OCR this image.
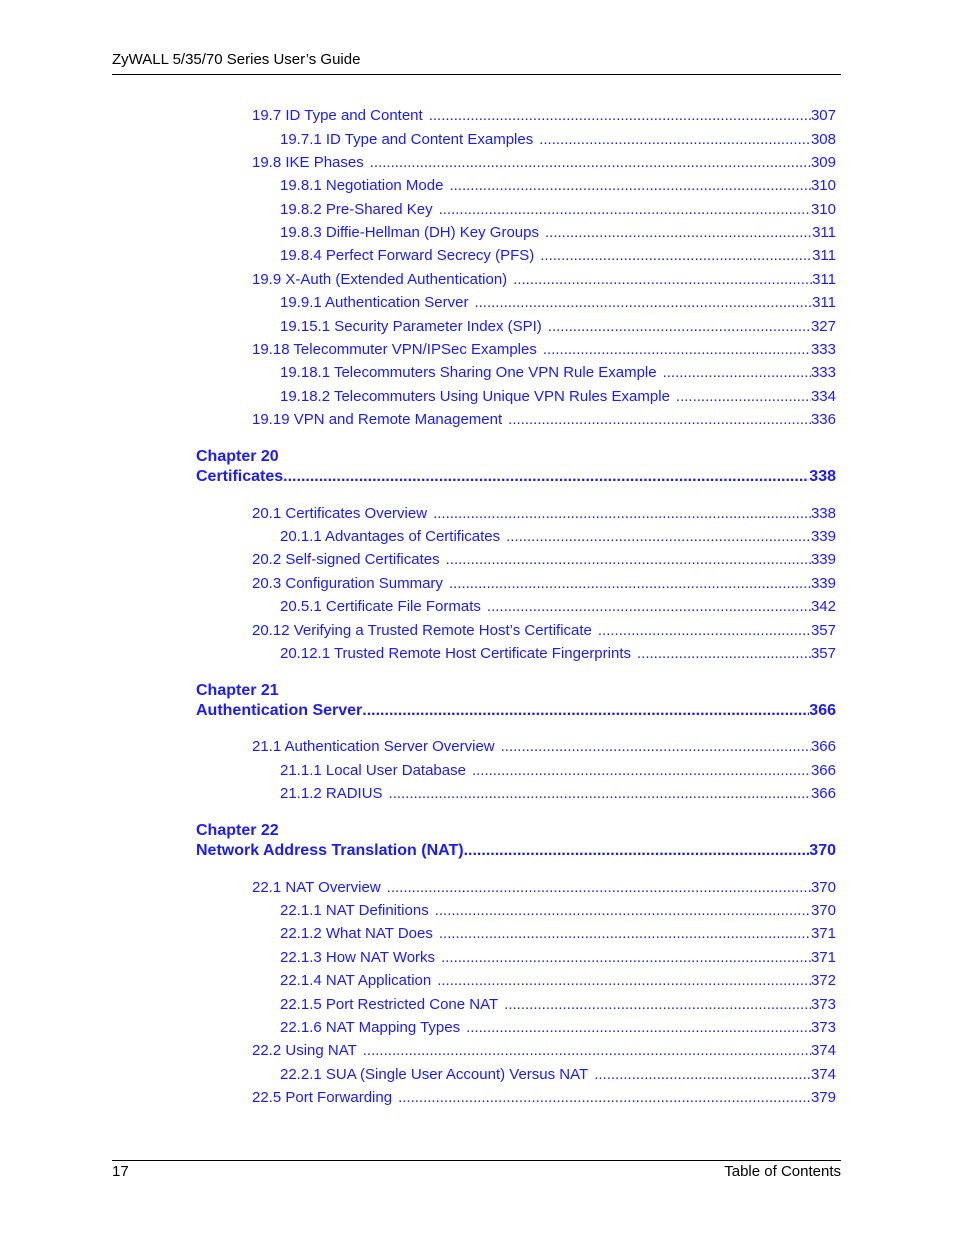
ZyWALL 5/35/70 Series User’s Guide
19.7 ID Type and Content .....	307
19.7.1 ID Type and Content Examples .....	308
19.8 IKE Phases .....	309
19.8.1 Negotiation Mode .....	310
19.8.2 Pre-Shared Key .....	310
19.8.3 Diffie-Hellman (DH) Key Groups .....	311
19.8.4 Perfect Forward Secrecy (PFS) .....	311
19.9 X-Auth (Extended Authentication) .....	311
19.9.1 Authentication Server .....	311
19.15.1 Security Parameter Index (SPI) .....	327
19.18 Telecommuter VPN/IPSec Examples .....	333
19.18.1 Telecommuters Sharing One VPN Rule Example .....	333
19.18.2 Telecommuters Using Unique VPN Rules Example .....	334
19.19 VPN and Remote Management .....	336
Chapter 20
Certificates .....	338
20.1 Certificates Overview .....	338
20.1.1 Advantages of Certificates .....	339
20.2 Self-signed Certificates .....	339
20.3 Configuration Summary .....	339
20.5.1 Certificate File Formats .....	342
20.12 Verifying a Trusted Remote Host’s Certificate .....	357
20.12.1 Trusted Remote Host Certificate Fingerprints .....	357
Chapter 21
Authentication Server .....	366
21.1 Authentication Server Overview .....	366
21.1.1 Local User Database .....	366
21.1.2 RADIUS .....	366
Chapter 22
Network Address Translation (NAT) .....	370
22.1 NAT Overview .....	370
22.1.1 NAT Definitions .....	370
22.1.2 What NAT Does .....	371
22.1.3 How NAT Works .....	371
22.1.4 NAT Application .....	372
22.1.5 Port Restricted Cone NAT .....	373
22.1.6 NAT Mapping Types .....	373
22.2 Using NAT .....	374
22.2.1 SUA (Single User Account) Versus NAT .....	374
22.5 Port Forwarding .....	379
17	Table of Contents
